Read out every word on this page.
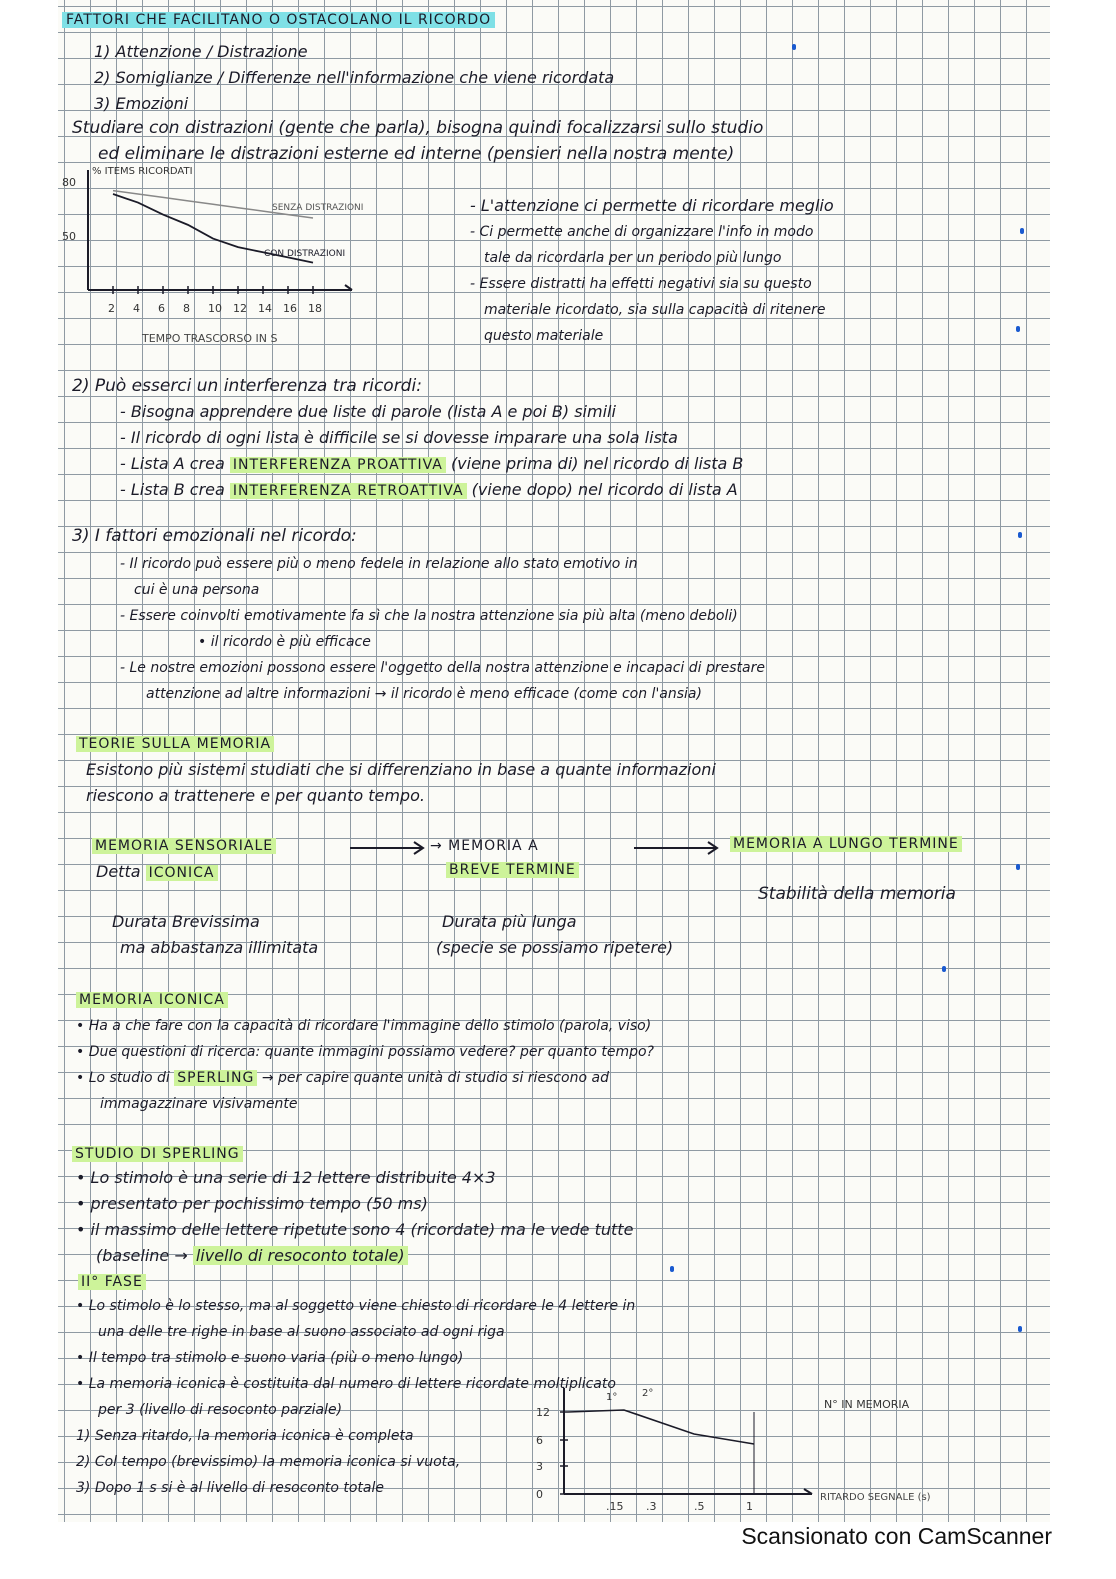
FATTORI CHE FACILITANO O OSTACOLANO IL RICORDO
1) Attenzione / Distrazione
2) Somiglianze / Differenze nell'informazione che viene ricordata
3) Emozioni
Studiare con distrazioni (gente che parla), bisogna quindi focalizzarsi sullo studio
ed eliminare le distrazioni esterne ed interne (pensieri nella nostra mente)
% ITEMS RICORDATI
80
50
SENZA DISTRAZIONI
CON DISTRAZIONI
2 4 6 8 10 12 14 16 18
TEMPO TRASCORSO IN S
- L'attenzione ci permette di ricordare meglio
- Ci permette anche di organizzare l'info in modo
tale da ricordarla per un periodo più lungo
- Essere distratti ha effetti negativi sia su questo
materiale ricordato, sia sulla capacità di ritenere
questo materiale
2) Può esserci un interferenza tra ricordi:
- Bisogna apprendere due liste di parole (lista A e poi B) simili
- Il ricordo di ogni lista è difficile se si dovesse imparare una sola lista
- Lista A crea INTERFERENZA PROATTIVA (viene prima di) nel ricordo di lista B
- Lista B crea INTERFERENZA RETROATTIVA (viene dopo) nel ricordo di lista A
3) I fattori emozionali nel ricordo:
- Il ricordo può essere più o meno fedele in relazione allo stato emotivo in
cui è una persona
- Essere coinvolti emotivamente fa sì che la nostra attenzione sia più alta (meno deboli)
• il ricordo è più efficace
- Le nostre emozioni possono essere l'oggetto della nostra attenzione e incapaci di prestare
attenzione ad altre informazioni → il ricordo è meno efficace (come con l'ansia)
TEORIE SULLA MEMORIA
Esistono più sistemi studiati che si differenziano in base a quante informazioni
riescono a trattenere e per quanto tempo.
MEMORIA SENSORIALE
Detta ICONICA
Durata Brevissima
ma abbastanza illimitata
→ MEMORIA A
BREVE TERMINE
Durata più lunga
(specie se possiamo ripetere)
MEMORIA A LUNGO TERMINE
Stabilità della memoria
MEMORIA ICONICA
• Ha a che fare con la capacità di ricordare l'immagine dello stimolo (parola, viso)
• Due questioni di ricerca: quante immagini possiamo vedere? per quanto tempo?
• Lo studio di SPERLING → per capire quante unità di studio si riescono ad
immagazzinare visivamente
STUDIO DI SPERLING
• Lo stimolo è una serie di 12 lettere distribuite 4×3
• presentato per pochissimo tempo (50 ms)
• il massimo delle lettere ripetute sono 4 (ricordate) ma le vede tutte
(baseline → livello di resoconto totale)
II° FASE
• Lo stimolo è lo stesso, ma al soggetto viene chiesto di ricordare le 4 lettere in
una delle tre righe in base al suono associato ad ogni riga
• Il tempo tra stimolo e suono varia (più o meno lungo)
• La memoria iconica è costituita dal numero di lettere ricordate moltiplicato
per 3 (livello di resoconto parziale)
1) Senza ritardo, la memoria iconica è completa
2) Col tempo (brevissimo) la memoria iconica si vuota,
3) Dopo 1 s si è al livello di resoconto totale
N° IN MEMORIA
1° 2°
12
6
3
0
.15 .3	.5	1
RITARDO SEGNALE (s)
Scansionato con CamScanner
